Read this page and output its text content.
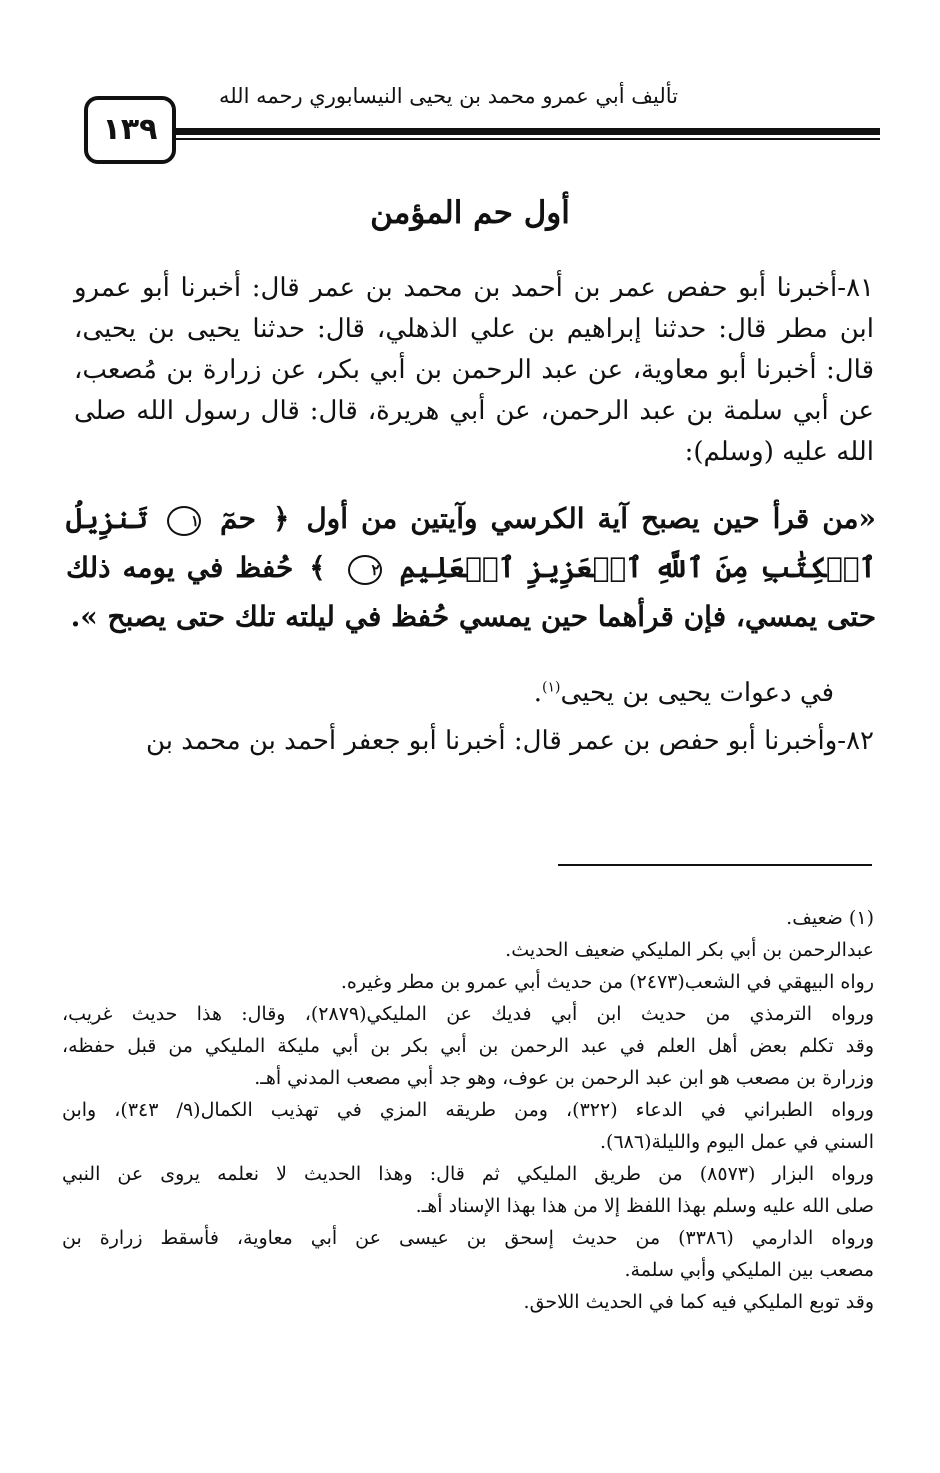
تأليف أبي عمرو محمد بن يحيى النيسابوري رحمه الله
١٣٩
أول حم المؤمن
٨١-أخبرنا أبو حفص عمر بن أحمد بن محمد بن عمر قال: أخبرنا أبو عمرو ابن مطر قال: حدثنا إبراهيم بن علي الذهلي، قال: حدثنا يحيى بن يحيى، قال: أخبرنا أبو معاوية، عن عبد الرحمن بن أبي بكر، عن زرارة بن مُصعب، عن أبي سلمة بن عبد الرحمن، عن أبي هريرة، قال: قال رسول الله صلى الله عليه (وسلم):
«من قرأ حين يصبح آية الكرسي وآيتين من أول ﴿ حمٓ ١ تَنزِيلُ ٱلۡكِتَٰبِ مِنَ ٱللَّهِ ٱلۡعَزِيزِ ٱلۡعَلِيمِ ٢ ﴾ حُفظ في يومه ذلك حتى يمسي، فإن قرأهما حين يمسي حُفظ في ليلته تلك حتى يصبح ».
في دعوات يحيى بن يحيى$^{(١)}$.
٨٢-وأخبرنا أبو حفص بن عمر قال: أخبرنا أبو جعفر أحمد بن محمد بن
(١) ضعيف.
عبدالرحمن بن أبي بكر المليكي ضعيف الحديث.
رواه البيهقي في الشعب(٢٤٧٣) من حديث أبي عمرو بن مطر وغيره.
ورواه الترمذي من حديث ابن أبي فديك عن المليكي(٢٨٧٩)، وقال: هذا حديث غريب،
وقد تكلم بعض أهل العلم في عبد الرحمن بن أبي بكر بن أبي مليكة المليكي من قبل حفظه،
وزرارة بن مصعب هو ابن عبد الرحمن بن عوف، وهو جد أبي مصعب المدني أهـ.
ورواه الطبراني في الدعاء (٣٢٢)، ومن طريقه المزي في تهذيب الكمال(٩/ ٣٤٣)، وابن
السني في عمل اليوم والليلة(٦٨٦).
ورواه البزار (٨٥٧٣) من طريق المليكي ثم قال: وهذا الحديث لا نعلمه يروى عن النبي
صلى الله عليه وسلم بهذا اللفظ إلا من هذا بهذا الإسناد أهـ.
ورواه الدارمي (٣٣٨٦) من حديث إسحق بن عيسى عن أبي معاوية، فأسقط زرارة بن
مصعب بين المليكي وأبي سلمة.
وقد توبع المليكي فيه كما في الحديث اللاحق.
